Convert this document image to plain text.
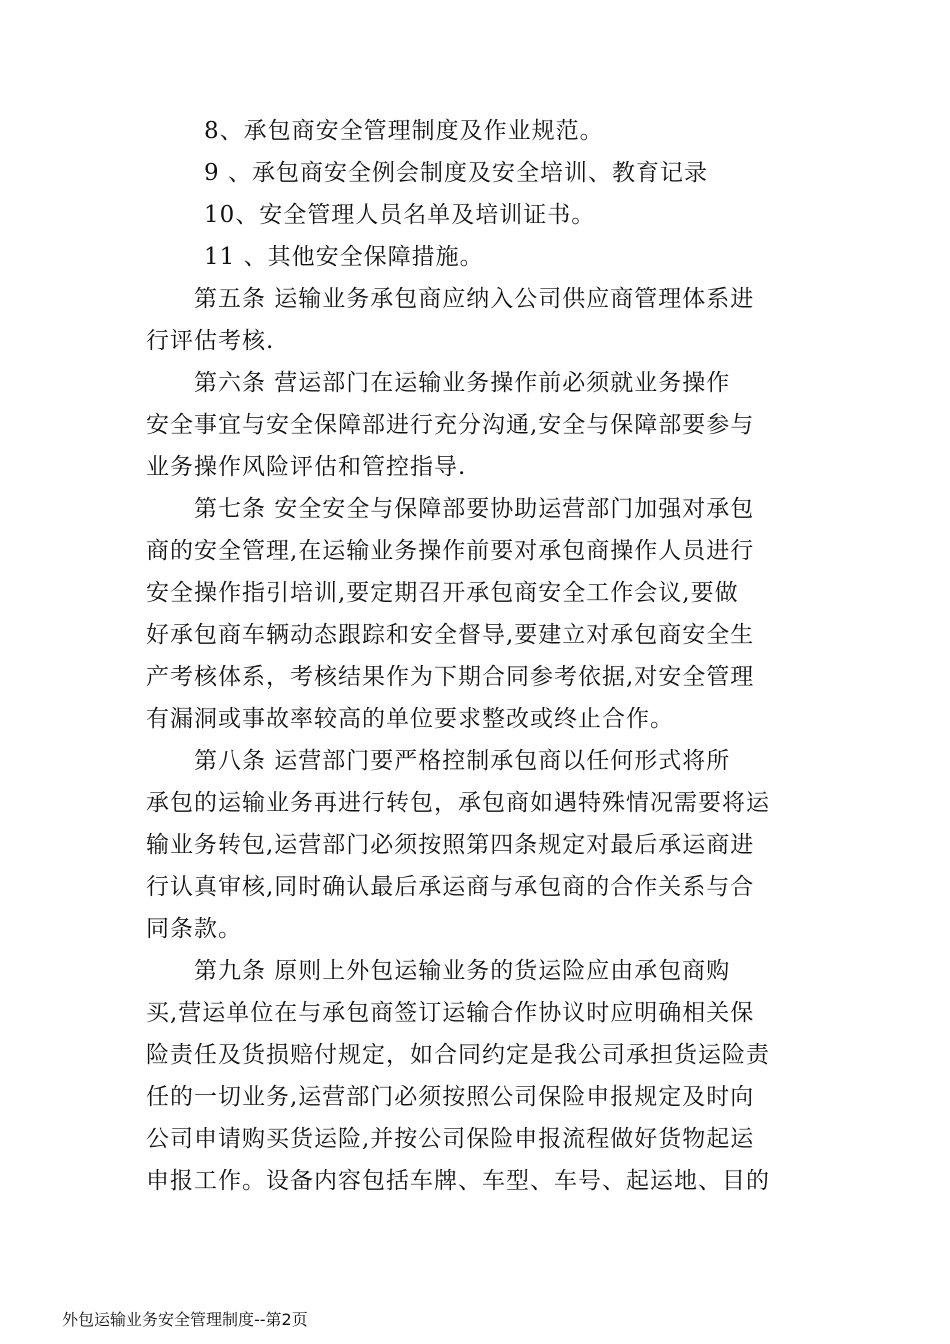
8、承包商安全管理制度及作业规范。
9 、承包商安全例会制度及安全培训、教育记录
10、安全管理人员名单及培训证书。
11 、其他安全保障措施。
第五条 运输业务承包商应纳入公司供应商管理体系进
行评估考核.
第六条 营运部门在运输业务操作前必须就业务操作
安全事宜与安全保障部进行充分沟通,安全与保障部要参与
业务操作风险评估和管控指导.
第七条 安全安全与保障部要协助运营部门加强对承包
商的安全管理,在运输业务操作前要对承包商操作人员进行
安全操作指引培训,要定期召开承包商安全工作会议,要做
好承包商车辆动态跟踪和安全督导,要建立对承包商安全生
产考核体系，考核结果作为下期合同参考依据,对安全管理
有漏洞或事故率较高的单位要求整改或终止合作。
第八条 运营部门要严格控制承包商以任何形式将所
承包的运输业务再进行转包，承包商如遇特殊情况需要将运
输业务转包,运营部门必须按照第四条规定对最后承运商进
行认真审核,同时确认最后承运商与承包商的合作关系与合
同条款。
第九条 原则上外包运输业务的货运险应由承包商购
买,营运单位在与承包商签订运输合作协议时应明确相关保
险责任及货损赔付规定，如合同约定是我公司承担货运险责
任的一切业务,运营部门必须按照公司保险申报规定及时向
公司申请购买货运险,并按公司保险申报流程做好货物起运
申报工作。设备内容包括车牌、车型、车号、起运地、目的
外包运输业务安全管理制度--第2页
